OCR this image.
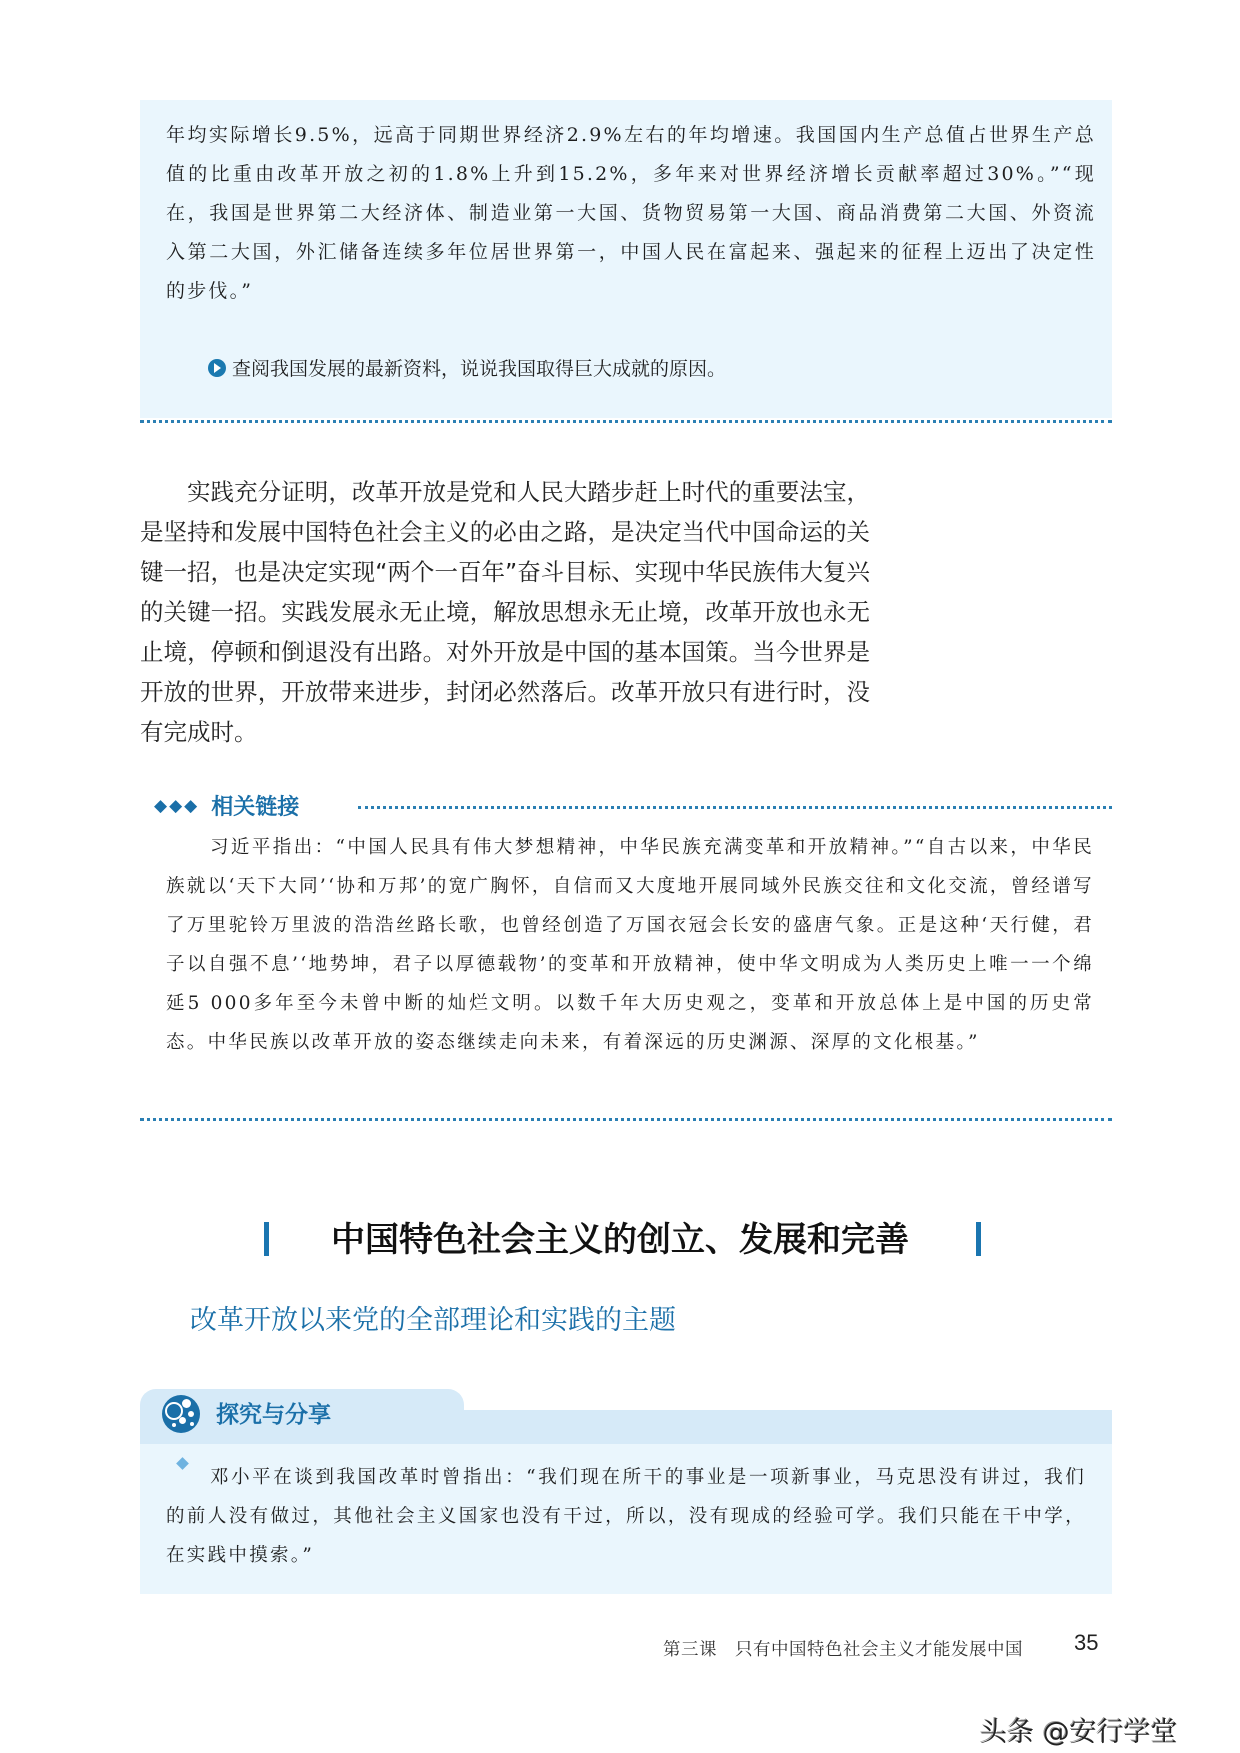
年均实际增长9.5%，远高于同期世界经济2.9%左右的年均增速。我国国内生产总值占世界生产总值的比重由改革开放之初的1.8%上升到15.2%，多年来对世界经济增长贡献率超过30%。”“现在，我国是世界第二大经济体、制造业第一大国、货物贸易第一大国、商品消费第二大国、外资流入第二大国，外汇储备连续多年位居世界第一，中国人民在富起来、强起来的征程上迈出了决定性的步伐。”

查阅我国发展的最新资料，说说我国取得巨大成就的原因。

实践充分证明，改革开放是党和人民大踏步赶上时代的重要法宝，是坚持和发展中国特色社会主义的必由之路，是决定当代中国命运的关键一招，也是决定实现“两个一百年”奋斗目标、实现中华民族伟大复兴的关键一招。实践发展永无止境，解放思想永无止境，改革开放也永无止境，停顿和倒退没有出路。对外开放是中国的基本国策。当今世界是开放的世界，开放带来进步，封闭必然落后。改革开放只有进行时，没有完成时。

◆◆◆ 相关链接

习近平指出：“中国人民具有伟大梦想精神，中华民族充满变革和开放精神。”“自古以来，中华民族就以‘天下大同’‘协和万邦’的宽广胸怀，自信而又大度地开展同域外民族交往和文化交流，曾经谱写了万里驼铃万里波的浩浩丝路长歌，也曾经创造了万国衣冠会长安的盛唐气象。正是这种‘天行健，君子以自强不息’‘地势坤，君子以厚德载物’的变革和开放精神，使中华文明成为人类历史上唯一一个绵延5 000多年至今未曾中断的灿烂文明。以数千年大历史观之，变革和开放总体上是中国的历史常态。中华民族以改革开放的姿态继续走向未来，有着深远的历史渊源、深厚的文化根基。”

中国特色社会主义的创立、发展和完善
改革开放以来党的全部理论和实践的主题
探究与分享

邓小平在谈到我国改革时曾指出：“我们现在所干的事业是一项新事业，马克思没有讲过，我们的前人没有做过，其他社会主义国家也没有干过，所以，没有现成的经验可学。我们只能在干中学，在实践中摸索。”

第三课　只有中国特色社会主义才能发展中国 35
头条 @安行学堂
